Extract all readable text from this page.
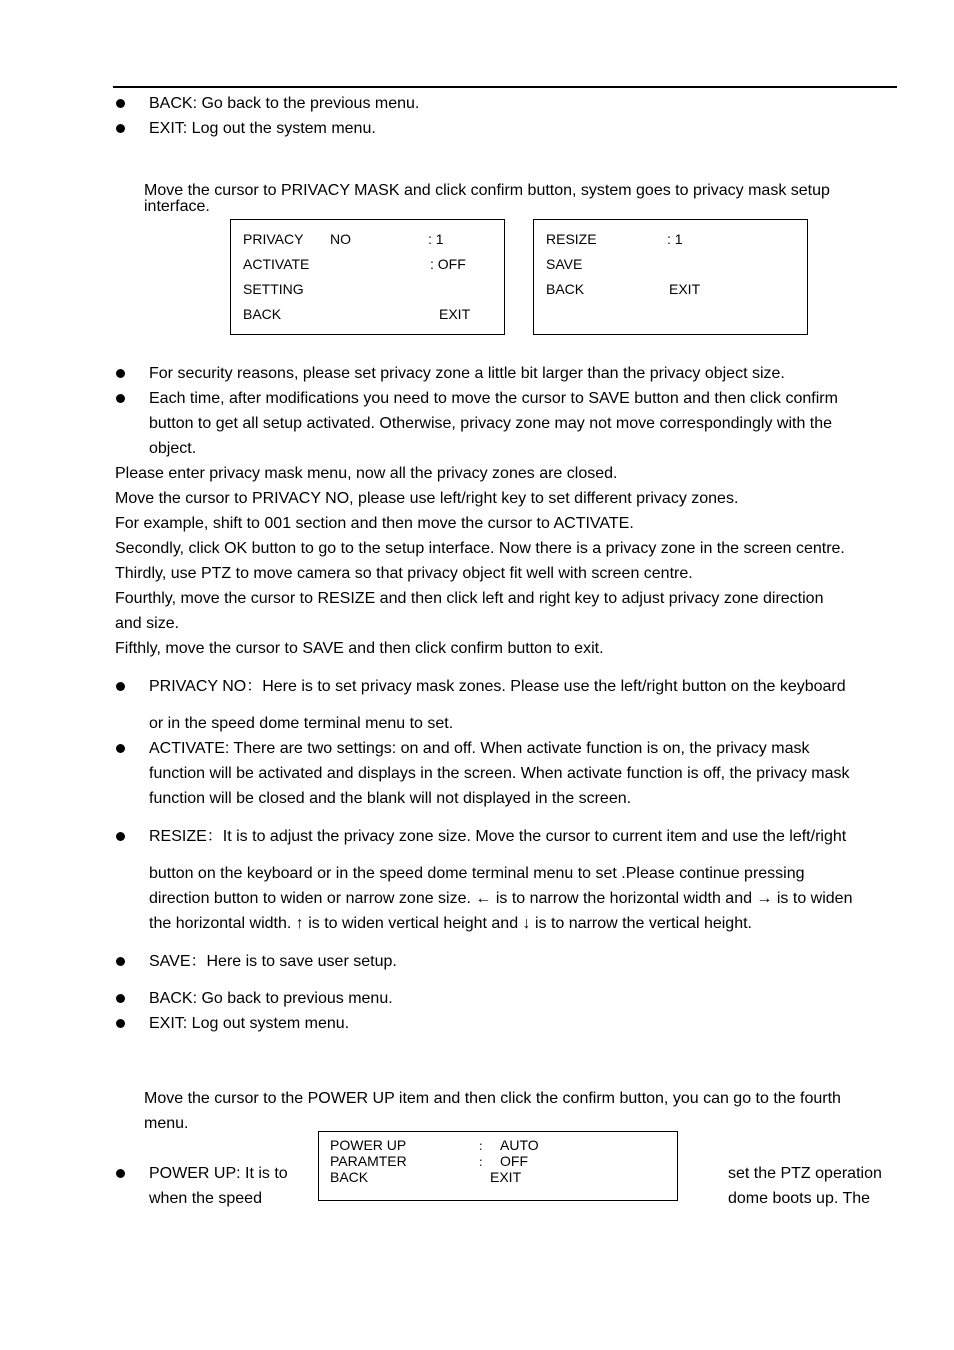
BACK: Go back to the previous menu.
EXIT: Log out the system menu.
Move the cursor to PRIVACY MASK and click confirm button, system goes to privacy mask setup
interface.
PRIVACY NO	: 1
ACTIVATE	: OFF
SETTING
BACK	EXIT
RESIZE	: 1
SAVE
BACK	EXIT
For security reasons, please set privacy zone a little bit larger than the privacy object size.
Each time, after modifications you need to move the cursor to SAVE button and then click confirm
button to get all setup activated. Otherwise, privacy zone may not move correspondingly with the
object.
Please enter privacy mask menu, now all the privacy zones are closed.
Move the cursor to PRIVACY NO, please use left/right key to set different privacy zones.
For example, shift to 001 section and then move the cursor to ACTIVATE.
Secondly, click OK button to go to the setup interface. Now there is a privacy zone in the screen centre.
Thirdly, use PTZ to move camera so that privacy object fit well with screen centre.
Fourthly, move the cursor to RESIZE and then click left and right key to adjust privacy zone direction
and size.
Fifthly, move the cursor to SAVE and then click confirm button to exit.
PRIVACY NO：Here is to set privacy mask zones. Please use the left/right button on the keyboard
or in the speed dome terminal menu to set.
ACTIVATE: There are two settings: on and off. When activate function is on, the privacy mask
function will be activated and displays in the screen. When activate function is off, the privacy mask
function will be closed and the blank will not displayed in the screen.
RESIZE：It is to adjust the privacy zone size. Move the cursor to current item and use the left/right
button on the keyboard or in the speed dome terminal menu to set .Please continue pressing
direction button to widen or narrow zone size. ← is to narrow the horizontal width and → is to widen
the horizontal width. ↑ is to widen vertical height and ↓ is to narrow the vertical height.
SAVE：Here is to save user setup.
BACK: Go back to previous menu.
EXIT: Log out system menu.
Move the cursor to the POWER UP item and then click the confirm button, you can go to the fourth
menu.
POWER UP	： AUTO
PARAMTER	： OFF
BACK	EXIT
POWER UP: It is to
when the speed
set the PTZ operation
dome boots up. The
